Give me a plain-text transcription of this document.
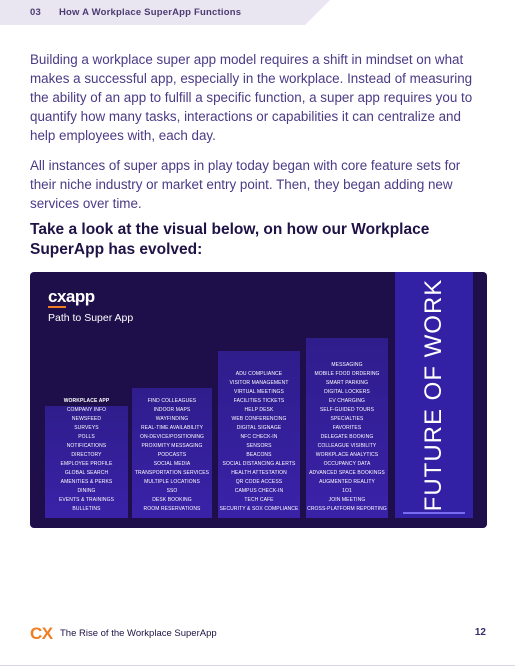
03 How A Workplace SuperApp Functions

Building a workplace super app model requires a shift in mindset on what makes a successful app, especially in the workplace. Instead of measuring the ability of an app to fulfill a specific function, a super app requires you to quantify how many tasks, interactions or capabilities it can centralize and help employees with, each day.

All instances of super apps in play today began with core feature sets for their niche industry or market entry point. Then, they began adding new services over time.

Take a look at the visual below, on how our Workplace SuperApp has evolved:
cxapp
Path to Super App
WORKPLACE APP
COMPANY INFO
NEWSFEED
SURVEYS
POLLS
NOTIFICATIONS
DIRECTORY
EMPLOYEE PROFILE
GLOBAL SEARCH
AMENITIES & PERKS
DINING
EVENTS & TRAININGS
BULLETINS
FIND COLLEAGUES
INDOOR MAPS
WAYFINDING
REAL-TIME AVAILABILITY
ON-DEVICE/POSITIONING
PROXIMITY MESSAGING
PODCASTS
SOCIAL MEDIA
TRANSPORTATION SERVICES
MULTIPLE LOCATIONS
SSO
DESK BOOKING
ROOM RESERVATIONS
ADU COMPLIANCE
VISITOR MANAGEMENT
VIRTUAL MEETINGS
FACILITIES TICKETS
HELP DESK
WEB CONFERENCING
DIGITAL SIGNAGE
NFC CHECK-IN
SENSORS
BEACONS
SOCIAL DISTANCING ALERTS
HEALTH ATTESTATION
QR CODE ACCESS
CAMPUS CHECK-IN
TECH CAFE
SECURITY & SOX COMPLIANCE
MESSAGING
MOBILE FOOD ORDERING
SMART PARKING
DIGITAL LOCKERS
EV CHARGING
SELF-GUIDED TOURS
SPECIALTIES
FAVORITES
DELEGATE BOOKING
COLLEAGUE VISIBILITY
WORKPLACE ANALYTICS
OCCUPANCY DATA
ADVANCED SPACE BOOKINGS
AUGMENTED REALITY
1O1
JOIN MEETING
CROSS-PLATFORM REPORTING FUTURE OF WORK
CX The Rise of the Workplace SuperApp	12
